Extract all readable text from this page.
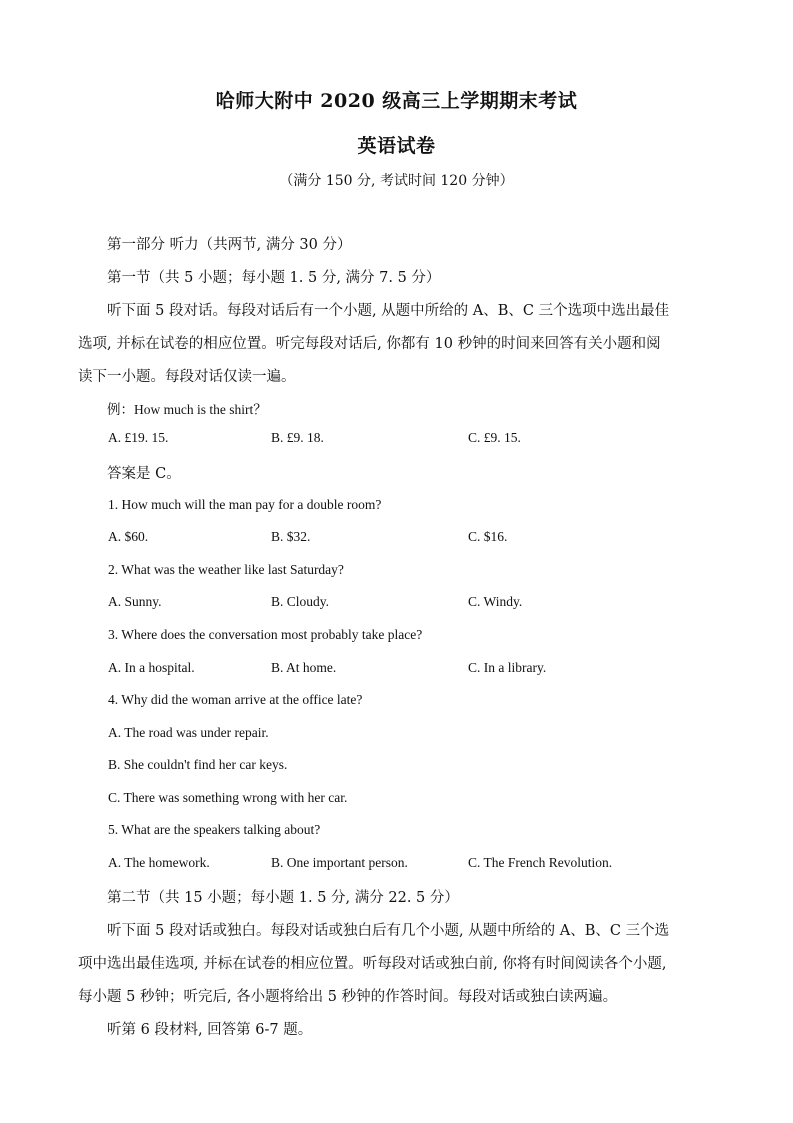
哈师大附中 2020 级高三上学期期末考试
英语试卷
（满分 150 分, 考试时间 120 分钟）
第一部分 听力（共两节, 满分 30 分）
第一节（共 5 小题；每小题 1. 5 分, 满分 7. 5 分）
听下面 5 段对话。每段对话后有一个小题, 从题中所给的 A、B、C 三个选项中选出最佳
选项, 并标在试卷的相应位置。听完每段对话后, 你都有 10 秒钟的时间来回答有关小题和阅
读下一小题。每段对话仅读一遍。
例：How much is the shirt？
A. £19. 15.	B. £9. 18.	C. £9. 15.
答案是 C。
1. How much will the man pay for a double room?
A. $60.	B. $32.	C. $16.
2. What was the weather like last Saturday?
A. Sunny.	B. Cloudy.	C. Windy.
3. Where does the conversation most probably take place?
A. In a hospital.	B. At home.	C. In a library.
4. Why did the woman arrive at the office late?
A. The road was under repair.
B. She couldn't find her car keys.
C. There was something wrong with her car.
5. What are the speakers talking about?
A. The homework.	B. One important person.	C. The French Revolution.
第二节（共 15 小题；每小题 1. 5 分, 满分 22. 5 分）
听下面 5 段对话或独白。每段对话或独白后有几个小题, 从题中所给的 A、B、C 三个选
项中选出最佳选项, 并标在试卷的相应位置。听每段对话或独白前, 你将有时间阅读各个小题,
每小题 5 秒钟；听完后, 各小题将给出 5 秒钟的作答时间。每段对话或独白读两遍。
听第 6 段材料, 回答第 6-7 题。
